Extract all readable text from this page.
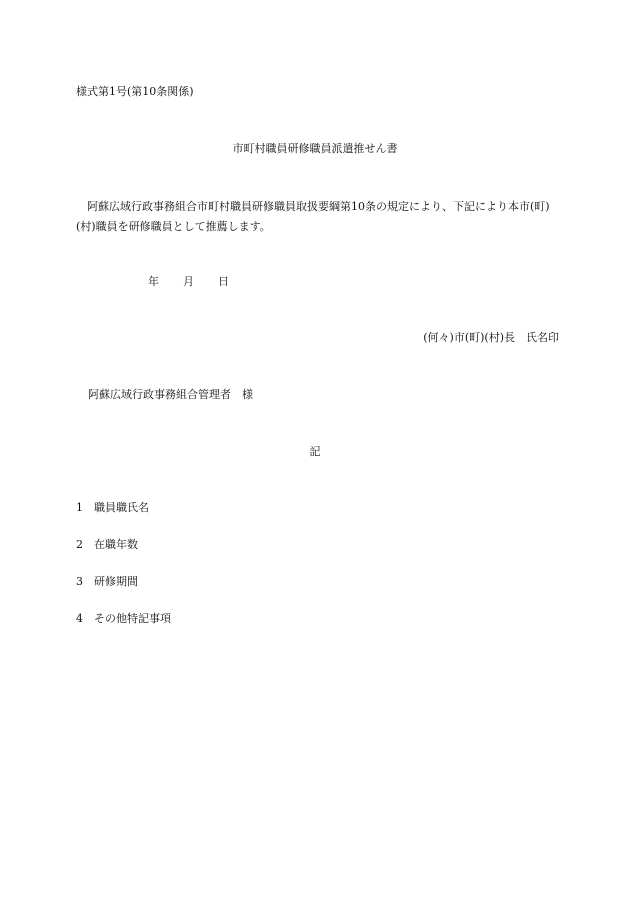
様式第1号(第10条関係)
市町村職員研修職員派遣推せん書
阿蘇広域行政事務組合市町村職員研修職員取扱要綱第10条の規定により、下記により本市(町)(村)職員を研修職員として推薦します。
年 月 日
(何々)市(町)(村)長　氏名印
阿蘇広域行政事務組合管理者　様
記
1 職員職氏名
2 在職年数
3 研修期間
4 その他特記事項
